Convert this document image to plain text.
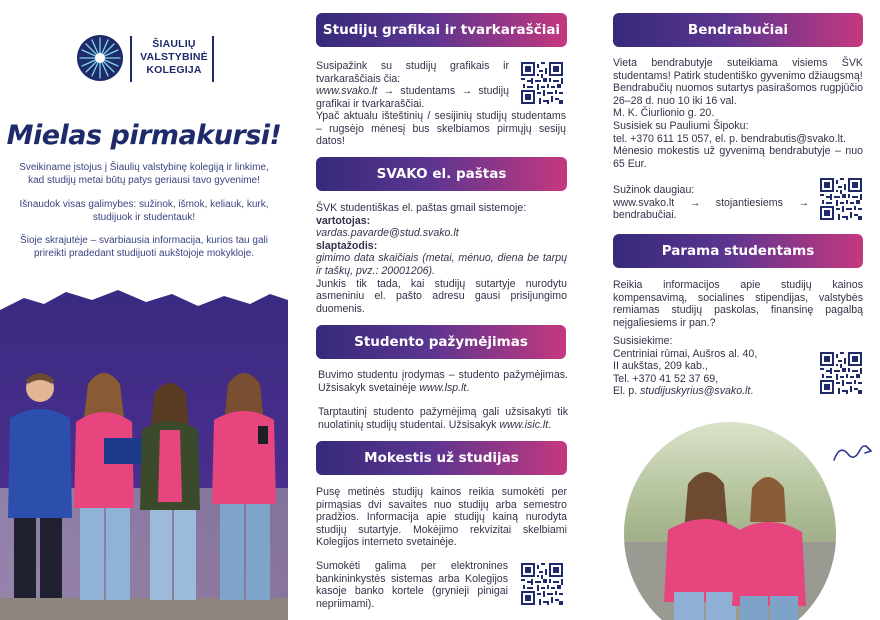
ŠIAULIŲ
VALSTYBINĖ
KOLEGIJA
Mielas pirmakursi!
Sveikiname įstojus į Šiaulių valstybinę kolegiją ir linkime, kad studijų metai būtų patys geriausi tavo gyvenime!
Išnaudok visas galimybes: sužinok, išmok, keliauk, kurk, studijuok ir studentauk!
Šioje skrajutėje – svarbiausia informacija, kurios tau gali prireikti pradedant studijuoti aukštojoje mokykloje.
Studijų grafikai ir tvarkaraščiai
Susipažink su studijų grafikais ir tvarkaraščiais čia:
www.svako.lt → studentams → studijų grafikai ir tvarkaraščiai.
Ypač aktualu išteštinių / sesijinių studijų studentams – rugsėjo mėnesį bus skelbiamos pirmųjų sesijų datos!
SVAKO el. paštas
ŠVK studentiškas el. paštas gmail sistemoje:
vartotojas:
vardas.pavarde@stud.svako.lt
slaptažodis:
gimimo data skaičiais (metai, mėnuo, diena be tarpų ir taškų, pvz.: 20001206).
Junkis tik tada, kai studijų sutartyje nurodytu asmeniniu el. pašto adresu gausi prisijungimo duomenis.
Studento pažymėjimas
Buvimo studentu įrodymas – studento pažymėjimas. Užsisakyk svetainėje www.lsp.lt.
Tarptautinį studento pažymėjimą gali užsisakyti tik nuolatinių studijų studentai. Užsisakyk www.isic.lt.
Mokestis už studijas
Pusę metinės studijų kainos reikia sumokėti per pirmąsias dvi savaites nuo studijų arba semestro pradžios. Informacija apie studijų kainą nurodyta studijų sutartyje. Mokėjimo rekvizitai skelbiami Kolegijos interneto svetainėje.
Sumokėti galima per elektronines bankininkystės sistemas arba Kolegijos kasoje banko kortele (grynieji pinigai nepriimami).
Bendrabučiai
Vieta bendrabutyje suteikiama visiems ŠVK studentams! Patirk studentiško gyvenimo džiaugsmą!
Bendrabučių nuomos sutartys pasirašomos rugpjūčio 26–28 d. nuo 10 iki 16 val.
M. K. Čiurlionio g. 20.
Susisiek su Pauliumi Šipoku:
tel. +370 611 15 057, el. p. bendrabutis@svako.lt.
Mėnesio mokestis už gyvenimą bendrabutyje – nuo 65 Eur.
Sužinok daugiau:
www.svako.lt → stojantiesiems → bendrabučiai.
Parama studentams
Reikia informacijos apie studijų kainos kompensavimą, socialines stipendijas, valstybės remiamas studijų paskolas, finansinę pagalbą neįgaliesiems ir pan.?
Susisiekime:
Centriniai rūmai, Aušros al. 40,
II aukštas, 209 kab.,
Tel. +370 41 52 37 69,
El. p. studijuskyrius@svako.lt.
